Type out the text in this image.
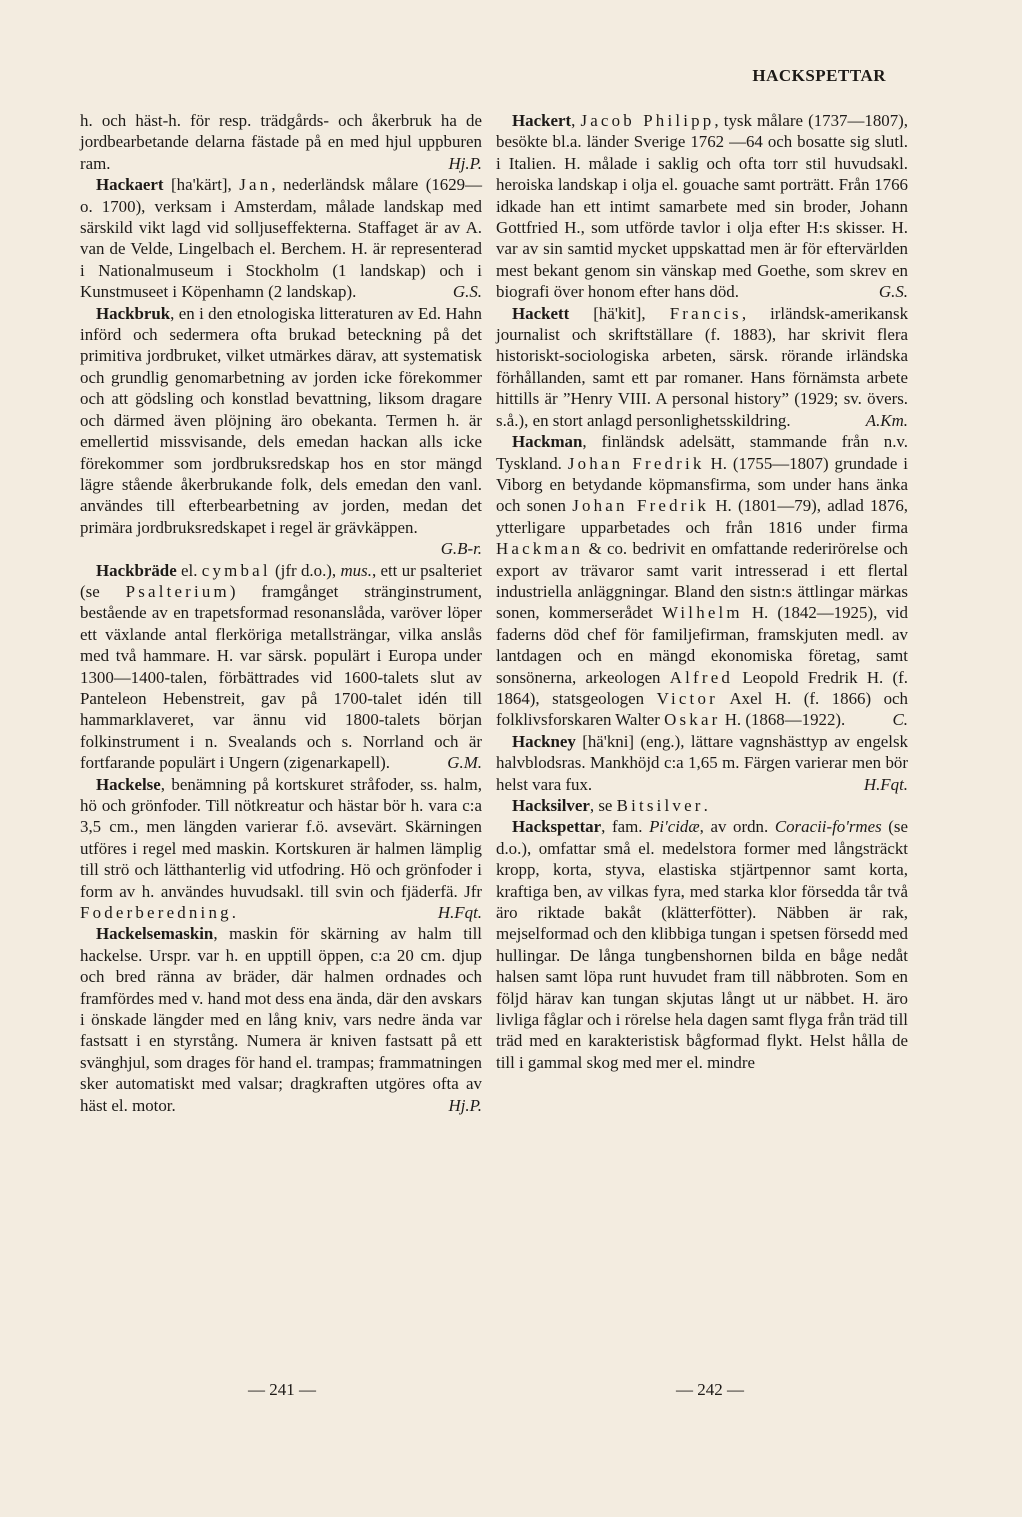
HACKSPETTAR

h. och häst-h. för resp. trädgårds- och åkerbruk ha de jordbearbetande delarna fästade på en med hjul uppburen ram.	Hj.P.

Hackaert [ha'kärt], Jan, nederländsk målare (1629— o. 1700), verksam i Amsterdam, målade landskap med särskild vikt lagd vid solljuseffekterna. Staffaget är av A. van de Velde, Lingelbach el. Berchem. H. är representerad i Nationalmuseum i Stockholm (1 landskap) och i Kunstmuseet i Köpenhamn (2 landskap).	G.S.

Hackbruk, en i den etnologiska litteraturen av Ed. Hahn införd och sedermera ofta brukad beteckning på det primitiva jordbruket, vilket utmärkes därav, att systematisk och grundlig genomarbetning av jorden icke förekommer och att gödsling och konstlad bevattning, liksom dragare och därmed även plöjning äro obekanta. Termen h. är emellertid missvisande, dels emedan hackan alls icke förekommer som jordbruksredskap hos en stor mängd lägre stående åkerbrukande folk, dels emedan den vanl. användes till efterbearbetning av jorden, medan det primära jordbruksredskapet i regel är grävkäppen.
G.B-r.

Hackbräde el. cymbal (jfr d.o.), mus., ett ur psalteriet (se Psalterium) framgånget stränginstrument, bestående av en trapetsformad resonanslåda, varöver löper ett växlande antal flerköriga metallsträngar, vilka anslås med två hammare. H. var särsk. populärt i Europa under 1300—1400-talen, förbättrades vid 1600-talets slut av Panteleon Hebenstreit, gav på 1700-talet idén till hammarklaveret, var ännu vid 1800-talets början folkinstrument i n. Svealands och s. Norrland och är fortfarande populärt i Ungern (zigenarkapell).	G.M.

Hackelse, benämning på kortskuret stråfoder, ss. halm, hö och grönfoder. Till nötkreatur och hästar bör h. vara c:a 3,5 cm., men längden varierar f.ö. avsevärt. Skärningen utföres i regel med maskin. Kortskuren är halmen lämplig till strö och lätthanterlig vid utfodring. Hö och grönfoder i form av h. användes huvudsakl. till svin och fjäderfä. Jfr Foderberedning.	H.Fqt.

Hackelsemaskin, maskin för skärning av halm till hackelse. Urspr. var h. en upptill öppen, c:a 20 cm. djup och bred ränna av bräder, där halmen ordnades och framfördes med v. hand mot dess ena ända, där den avskars i önskade längder med en lång kniv, vars nedre ända var fastsatt i en styrstång. Numera är kniven fastsatt på ett svänghjul, som drages för hand el. trampas; frammatningen sker automatiskt med valsar; dragkraften utgöres ofta av häst el. motor.	Hj.P.

Hackert, Jacob Philipp, tysk målare (1737—1807), besökte bl.a. länder Sverige 1762 —64 och bosatte sig slutl. i Italien. H. målade i saklig och ofta torr stil huvudsakl. heroiska landskap i olja el. gouache samt porträtt. Från 1766 idkade han ett intimt samarbete med sin broder, Johann Gottfried H., som utförde tavlor i olja efter H:s skisser. H. var av sin samtid mycket uppskattad men är för eftervärlden mest bekant genom sin vänskap med Goethe, som skrev en biografi över honom efter hans död.	G.S.

Hackett [hä'kit], Francis, irländsk-amerikansk journalist och skriftställare (f. 1883), har skrivit flera historiskt-sociologiska arbeten, särsk. rörande irländska förhållanden, samt ett par romaner. Hans förnämsta arbete hittills är ”Henry VIII. A personal history” (1929; sv. övers. s.å.), en stort anlagd personlighetsskildring.	A.Km.

Hackman, finländsk adelsätt, stammande från n.v. Tyskland. Johan Fredrik H. (1755—1807) grundade i Viborg en betydande köpmansfirma, som under hans änka och sonen Johan Fredrik H. (1801—79), adlad 1876, ytterligare upparbetades och från 1816 under firma Hackman & co. bedrivit en omfattande rederirörelse och export av trävaror samt varit intresserad i ett flertal industriella anläggningar. Bland den sistn:s ättlingar märkas sonen, kommerserådet Wilhelm H. (1842—1925), vid faderns död chef för familjefirman, framskjuten medl. av lantdagen och en mängd ekonomiska företag, samt sonsönerna, arkeologen Alfred Leopold Fredrik H. (f. 1864), statsgeologen Victor Axel H. (f. 1866) och folklivsforskaren Walter Oskar H. (1868—1922).	C.

Hackney [hä'kni] (eng.), lättare vagnshästtyp av engelsk halvblodsras. Mankhöjd c:a 1,65 m. Färgen varierar men bör helst vara fux.	H.Fqt.

Hacksilver, se Bitsilver.

Hackspettar, fam. Pi'cidæ, av ordn. Coracii-fo'rmes (se d.o.), omfattar små el. medelstora former med långsträckt kropp, korta, styva, elastiska stjärtpennor samt korta, kraftiga ben, av vilkas fyra, med starka klor försedda tår två äro riktade bakåt (klätterfötter). Näbben är rak, mejselformad och den klibbiga tungan i spetsen försedd med hullingar. De långa tungbenshornen bilda en båge nedåt halsen samt löpa runt huvudet fram till näbbroten. Som en följd härav kan tungan skjutas långt ut ur näbbet. H. äro livliga fåglar och i rörelse hela dagen samt flyga från träd till träd med en karakteristisk bågformad flykt. Helst hålla de till i gammal skog med mer el. mindre

— 241 —	— 242 —
